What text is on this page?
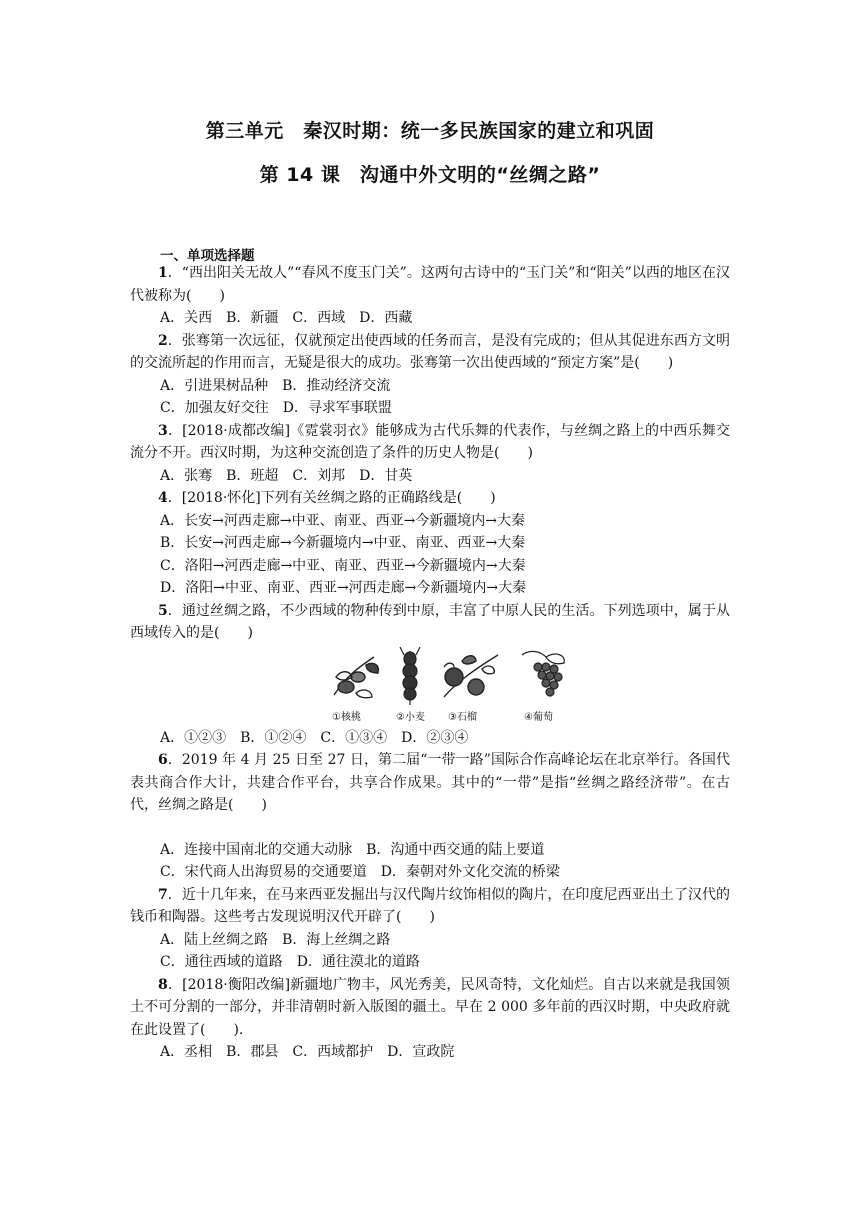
第三单元　秦汉时期：统一多民族国家的建立和巩固
第 14 课　沟通中外文明的“丝绸之路”
一、单项选择题

1．“西出阳关无故人”“春风不度玉门关”。这两句古诗中的“玉门关”和“阳关”以西的地区在汉代被称为(　　)

A．关西　B．新疆　C．西域　D．西藏

2．张骞第一次远征，仅就预定出使西域的任务而言，是没有完成的；但从其促进东西方文明的交流所起的作用而言，无疑是很大的成功。张骞第一次出使西域的“预定方案”是(　　)

A．引进果树品种　B．推动经济交流

C．加强友好交往　D．寻求军事联盟

3．[2018·成都改编]《霓裳羽衣》能够成为古代乐舞的代表作，与丝绸之路上的中西乐舞交流分不开。西汉时期，为这种交流创造了条件的历史人物是(　　)

A．张骞　B．班超　C．刘邦　D．甘英

4．[2018·怀化]下列有关丝绸之路的正确路线是(　　)

A．长安→河西走廊→中亚、南亚、西亚→今新疆境内→大秦

B．长安→河西走廊→今新疆境内→中亚、南亚、西亚→大秦

C．洛阳→河西走廊→中亚、南亚、西亚→今新疆境内→大秦

D．洛阳→中亚、南亚、西亚→河西走廊→今新疆境内→大秦

5．通过丝绸之路，不少西域的物种传到中原，丰富了中原人民的生活。下列选项中，属于从西域传入的是(　　)

①核桃	②小麦 ③石榴	④葡萄

A．①②③　B．①②④　C．①③④　D．②③④

6．2019 年 4 月 25 日至 27 日，第二届“一带一路”国际合作高峰论坛在北京举行。各国代表共商合作大计，共建合作平台，共享合作成果。其中的“一带”是指“丝绸之路经济带”。在古代，丝绸之路是(　　)

A．连接中国南北的交通大动脉　B．沟通中西交通的陆上要道

C．宋代商人出海贸易的交通要道　D．秦朝对外文化交流的桥梁

7．近十几年来，在马来西亚发掘出与汉代陶片纹饰相似的陶片，在印度尼西亚出土了汉代的钱币和陶器。这些考古发现说明汉代开辟了(　　)

A．陆上丝绸之路　B．海上丝绸之路

C．通往西域的道路　D．通往漠北的道路

8．[2018·衡阳改编]新疆地广物丰，风光秀美，民风奇特，文化灿烂。自古以来就是我国领土不可分割的一部分，并非清朝时新入版图的疆土。早在 2 000 多年前的西汉时期，中央政府就在此设置了(　　).

A．丞相　B．郡县　C．西域都护　D．宣政院
